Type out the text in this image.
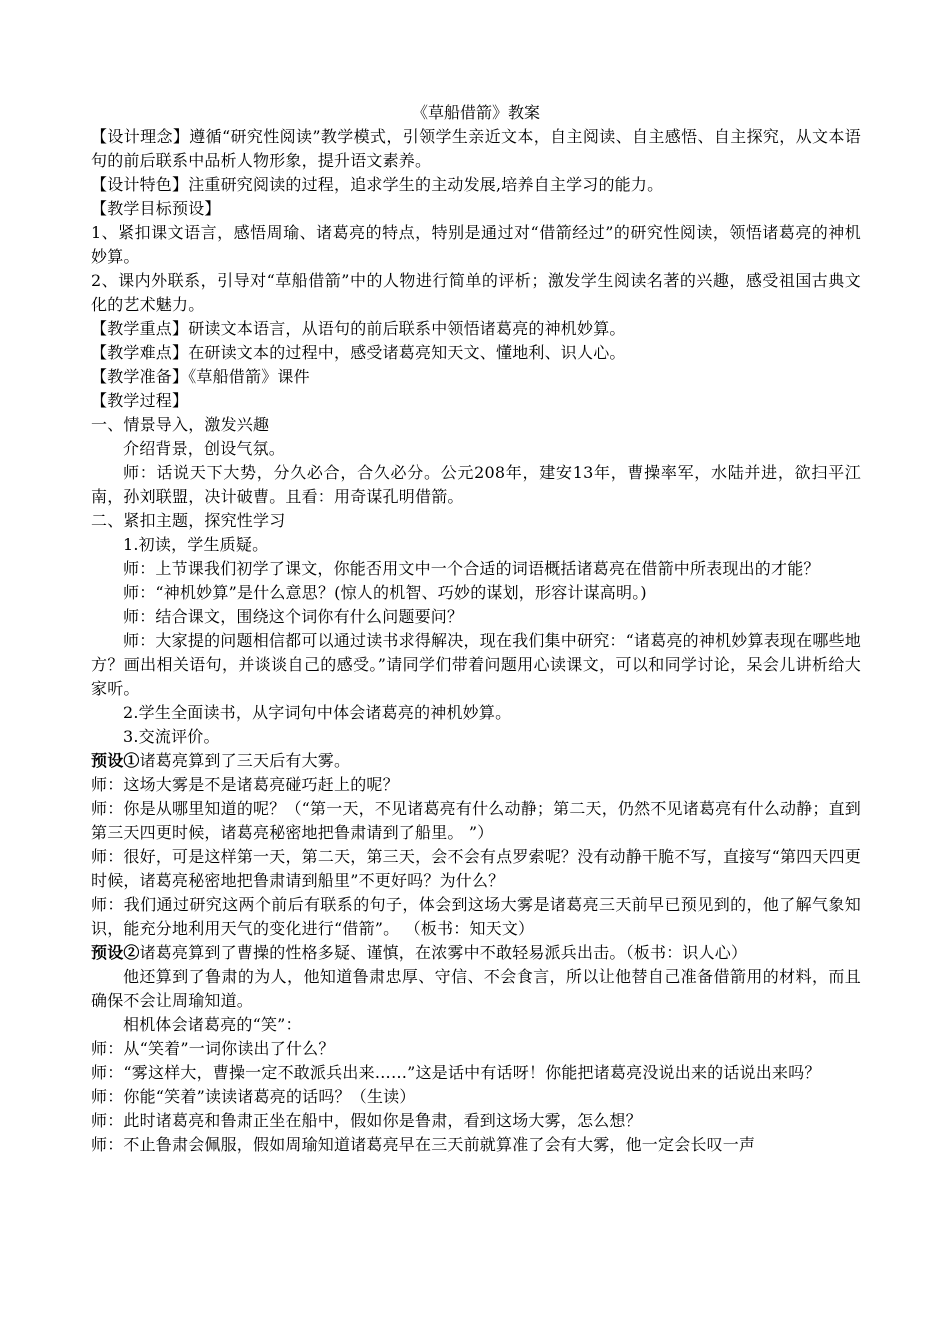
《草船借箭》教案

【设计理念】遵循“研究性阅读”教学模式，引领学生亲近文本，自主阅读、自主感悟、自主探究，从文本语句的前后联系中品析人物形象，提升语文素养。

【设计特色】注重研究阅读的过程，追求学生的主动发展,培养自主学习的能力。

【教学目标预设】

1、紧扣课文语言，感悟周瑜、诸葛亮的特点，特别是通过对“借箭经过”的研究性阅读，领悟诸葛亮的神机妙算。

2、课内外联系，引导对“草船借箭”中的人物进行简单的评析；激发学生阅读名著的兴趣，感受祖国古典文化的艺术魅力。

【教学重点】研读文本语言，从语句的前后联系中领悟诸葛亮的神机妙算。

【教学难点】在研读文本的过程中，感受诸葛亮知天文、懂地利、识人心。

【教学准备】《草船借箭》课件

【教学过程】

一、情景导入，激发兴趣

介绍背景，创设气氛。

师：话说天下大势，分久必合，合久必分。公元208年，建安13年，曹操率军，水陆并进，欲扫平江南，孙刘联盟，决计破曹。且看：用奇谋孔明借箭。

二、紧扣主题，探究性学习

1.初读，学生质疑。

师：上节课我们初学了课文，你能否用文中一个合适的词语概括诸葛亮在借箭中所表现出的才能？

师：“神机妙算”是什么意思？(惊人的机智、巧妙的谋划，形容计谋高明。)

师：结合课文，围绕这个词你有什么问题要问？

师：大家提的问题相信都可以通过读书求得解决，现在我们集中研究：“诸葛亮的神机妙算表现在哪些地方？画出相关语句，并谈谈自己的感受。”请同学们带着问题用心读课文，可以和同学讨论，呆会儿讲析给大家听。

2.学生全面读书，从字词句中体会诸葛亮的神机妙算。

3.交流评价。

预设①诸葛亮算到了三天后有大雾。

师：这场大雾是不是诸葛亮碰巧赶上的呢？

师：你是从哪里知道的呢？（“第一天，不见诸葛亮有什么动静；第二天，仍然不见诸葛亮有什么动静；直到第三天四更时候，诸葛亮秘密地把鲁肃请到了船里。 ”）

师：很好，可是这样第一天，第二天，第三天，会不会有点罗索呢？没有动静干脆不写，直接写“第四天四更时候，诸葛亮秘密地把鲁肃请到船里”不更好吗？为什么？

师：我们通过研究这两个前后有联系的句子，体会到这场大雾是诸葛亮三天前早已预见到的，他了解气象知识，能充分地利用天气的变化进行“借箭”。 （板书：知天文）

预设②诸葛亮算到了曹操的性格多疑、谨慎，在浓雾中不敢轻易派兵出击。（板书：识人心）

他还算到了鲁肃的为人，他知道鲁肃忠厚、守信、不会食言，所以让他替自己准备借箭用的材料，而且确保不会让周瑜知道。

相机体会诸葛亮的“笑”：

师：从“笑着”一词你读出了什么？

师：“雾这样大，曹操一定不敢派兵出来……”这是话中有话呀！你能把诸葛亮没说出来的话说出来吗？

师：你能“笑着”读读诸葛亮的话吗？（生读）

师：此时诸葛亮和鲁肃正坐在船中，假如你是鲁肃，看到这场大雾，怎么想？

师：不止鲁肃会佩服，假如周瑜知道诸葛亮早在三天前就算准了会有大雾，他一定会长叹一声
